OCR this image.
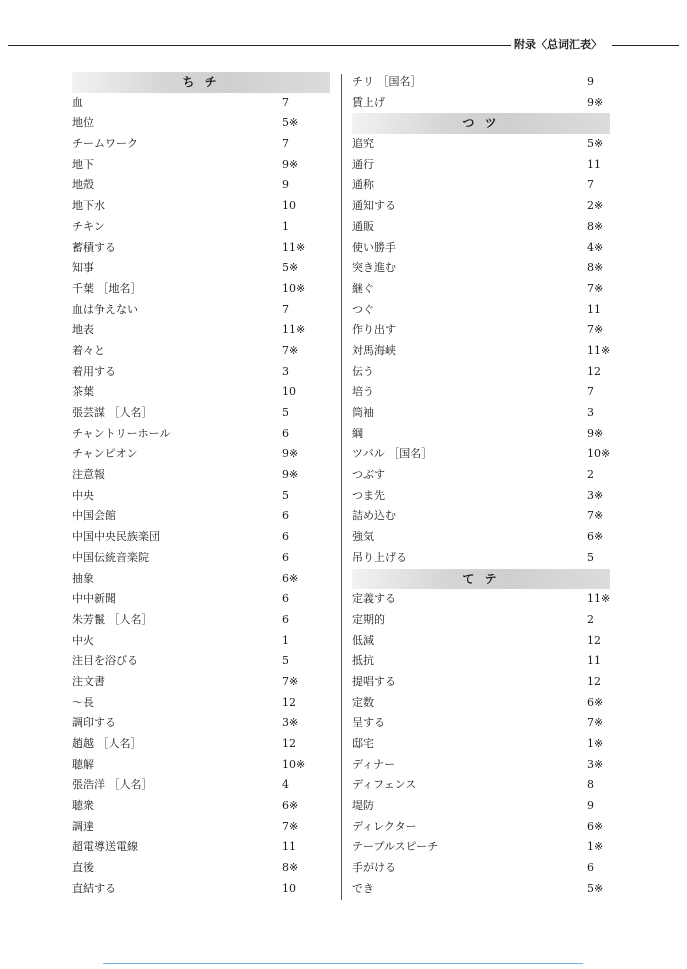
附录〈总词汇表〉
ち チ
血	7
地位	5※
チームワーク	7
地下	9※
地殻	9
地下水	10
チキン	1
蓄積する	11※
知事	5※
千葉 ［地名］	10※
血は争えない	7
地表	11※
着々と	7※
着用する	3
茶葉	10
張芸謀 ［人名］	5
チャントリーホール	6
チャンピオン	9※
注意報	9※
中央	5
中国会館	6
中国中央民族楽団	6
中国伝統音楽院	6
抽象	6※
中中新聞	6
朱芳鬣 ［人名］	6
中火	1
注目を浴びる	5
注文書	7※
～長	12
調印する	3※
趙越 ［人名］	12
聴解	10※
張浩洋 ［人名］	4
聴衆	6※
調達	7※
超電導送電線	11
直後	8※
直結する	10
チリ ［国名］	9
賃上げ	9※
つ ツ
追究	5※
通行	11
通称	7
通知する	2※
通販	8※
使い勝手	4※
突き進む	8※
継ぐ	7※
つぐ	11
作り出す	7※
対馬海峡	11※
伝う	12
培う	7
筒袖	3
綱	9※
ツバル ［国名］	10※
つぶす	2
つま先	3※
詰め込む	7※
強気	6※
吊り上げる	5
て テ
定義する	11※
定期的	2
低減	12
抵抗	11
提唱する	12
定数	6※
呈する	7※
邸宅	1※
ディナー	3※
ディフェンス	8
堤防	9
ディレクター	6※
テーブルスピーチ	1※
手がける	6
でき	5※
